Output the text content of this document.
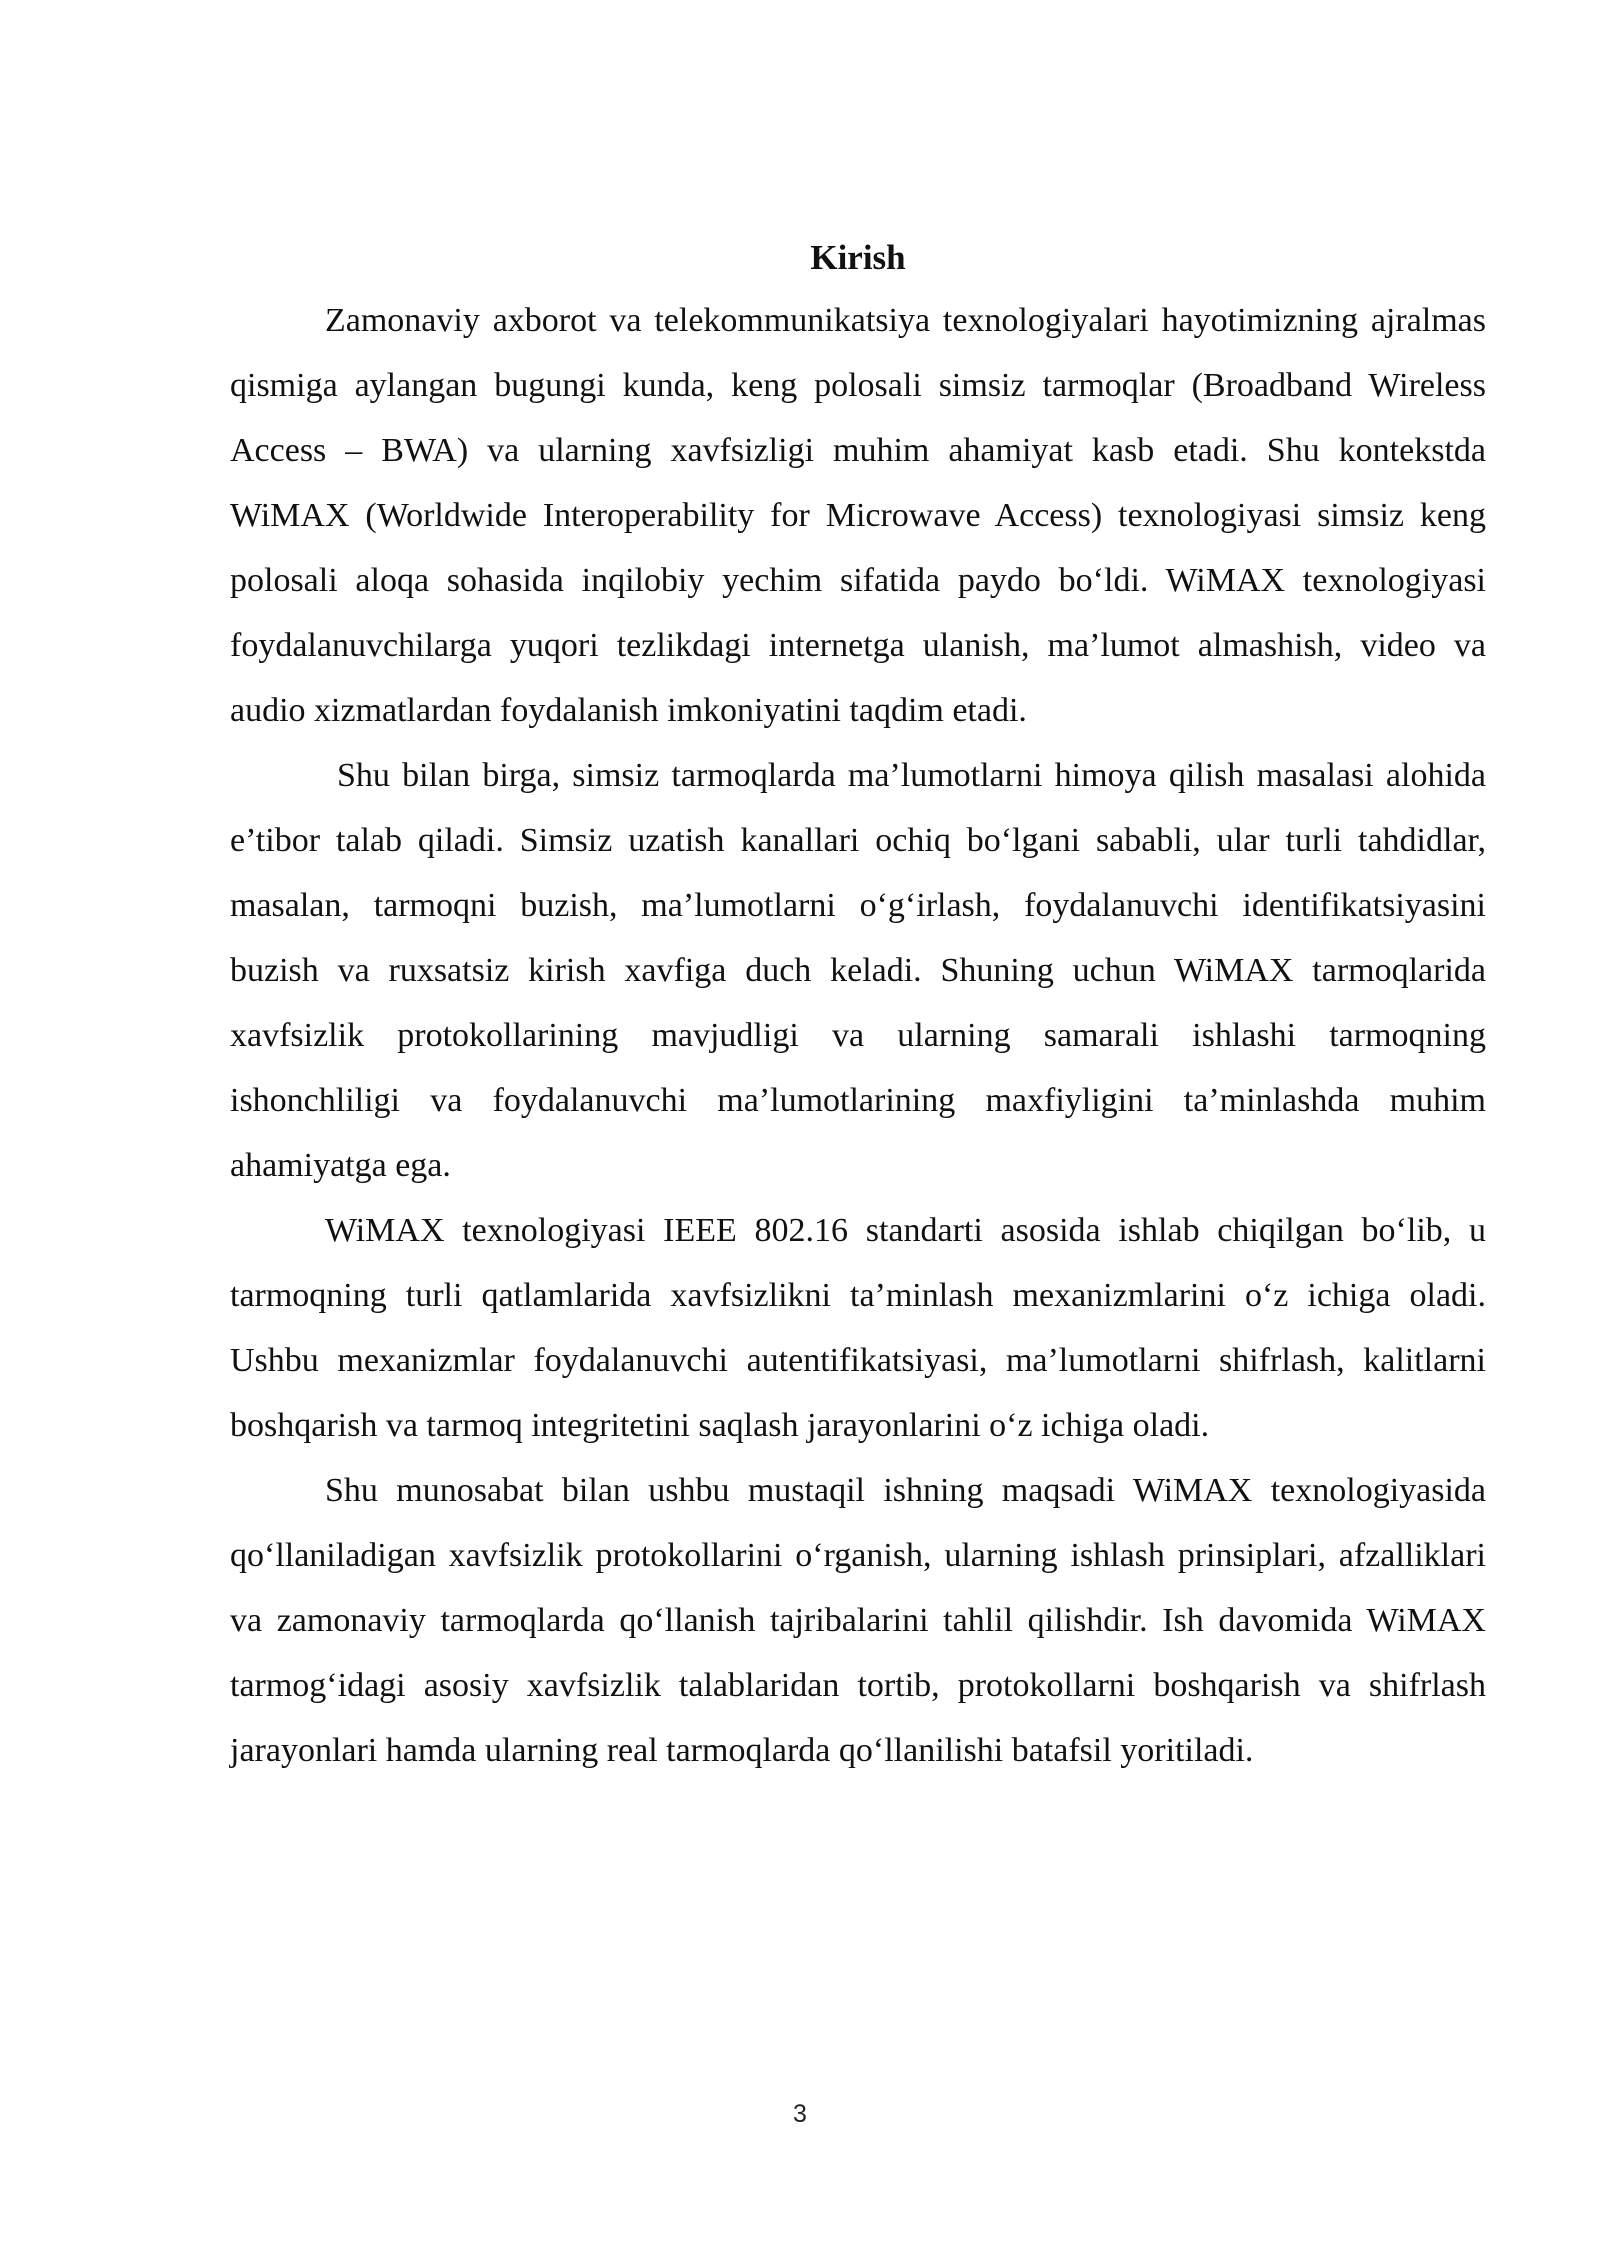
Kirish

Zamonaviy axborot va telekommunikatsiya texnologiyalari hayotimizning ajralmas qismiga aylangan bugungi kunda, keng polosali simsiz tarmoqlar (Broadband Wireless Access – BWA) va ularning xavfsizligi muhim ahamiyat kasb etadi. Shu kontekstda WiMAX (Worldwide Interoperability for Microwave Access) texnologiyasi simsiz keng polosali aloqa sohasida inqilobiy yechim sifatida paydo bo‘ldi. WiMAX texnologiyasi foydalanuvchilarga yuqori tezlikdagi internetga ulanish, ma’lumot almashish, video va audio xizmatlardan foydalanish imkoniyatini taqdim etadi.

Shu bilan birga, simsiz tarmoqlarda ma’lumotlarni himoya qilish masalasi alohida e’tibor talab qiladi. Simsiz uzatish kanallari ochiq bo‘lgani sababli, ular turli tahdidlar, masalan, tarmoqni buzish, ma’lumotlarni o‘g‘irlash, foydalanuvchi identifikatsiyasini buzish va ruxsatsiz kirish xavfiga duch keladi. Shuning uchun WiMAX tarmoqlarida xavfsizlik protokollarining mavjudligi va ularning samarali ishlashi tarmoqning ishonchliligi va foydalanuvchi ma’lumotlarining maxfiyligini ta’minlashda muhim ahamiyatga ega.

WiMAX texnologiyasi IEEE 802.16 standarti asosida ishlab chiqilgan bo‘lib, u tarmoqning turli qatlamlarida xavfsizlikni ta’minlash mexanizmlarini o‘z ichiga oladi. Ushbu mexanizmlar foydalanuvchi autentifikatsiyasi, ma’lumotlarni shifrlash, kalitlarni boshqarish va tarmoq integritetini saqlash jarayonlarini o‘z ichiga oladi.

Shu munosabat bilan ushbu mustaqil ishning maqsadi WiMAX texnologiyasida qo‘llaniladigan xavfsizlik protokollarini o‘rganish, ularning ishlash prinsiplari, afzalliklari va zamonaviy tarmoqlarda qo‘llanish tajribalarini tahlil qilishdir. Ish davomida WiMAX tarmog‘idagi asosiy xavfsizlik talablaridan tortib, protokollarni boshqarish va shifrlash jarayonlari hamda ularning real tarmoqlarda qo‘llanilishi batafsil yoritiladi.

3
